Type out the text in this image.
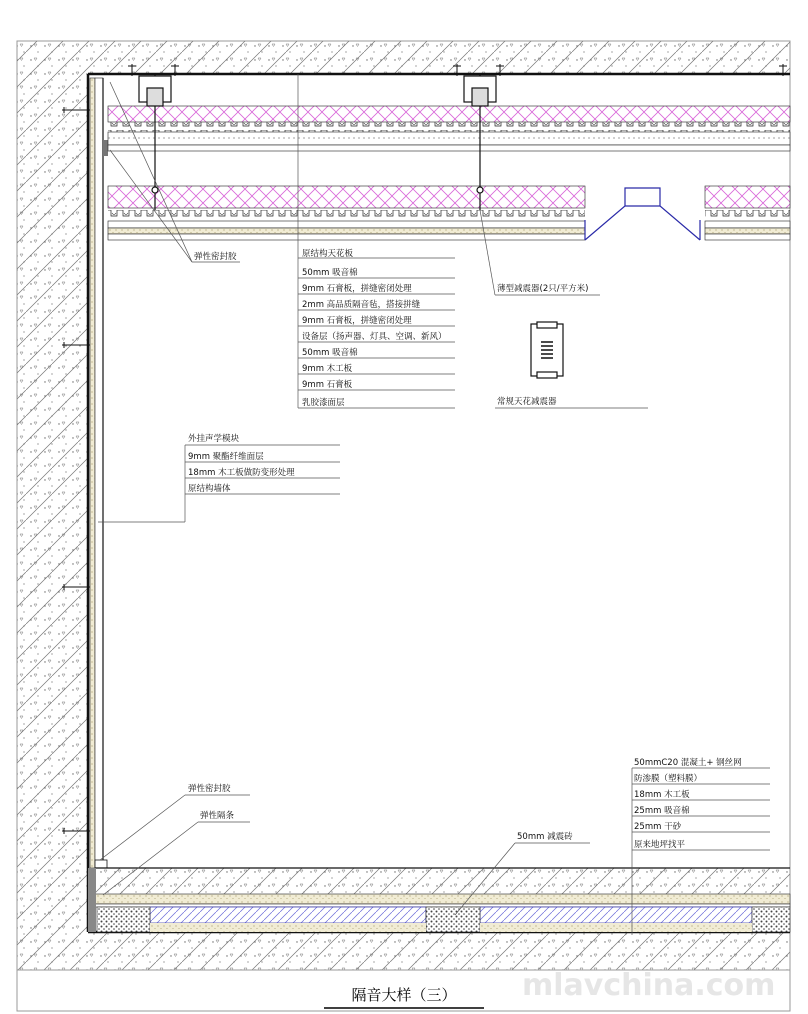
原结构天花板
50mm 吸音棉
9mm 石膏板，拼缝密闭处理
2mm 高品质隔音毡，搭接拼缝
9mm 石膏板，拼缝密闭处理
设备层（扬声器、灯具、空调、新风）
50mm 吸音棉
9mm 木工板
9mm 石膏板
乳胶漆面层
外挂声学模块
9mm 聚酯纤维面层
18mm 木工板做防变形处理
原结构墙体
50mmC20 混凝土+ 钢丝网
防渗膜（塑料膜）
18mm 木工板
25mm 吸音棉
25mm 干砂
原来地坪找平
弹性密封胶
薄型减震器(2只/平方米)
常规天花减震器
弹性密封胶
弹性隔条
50mm 减震砖
mlavchina.com
隔音大样（三）
